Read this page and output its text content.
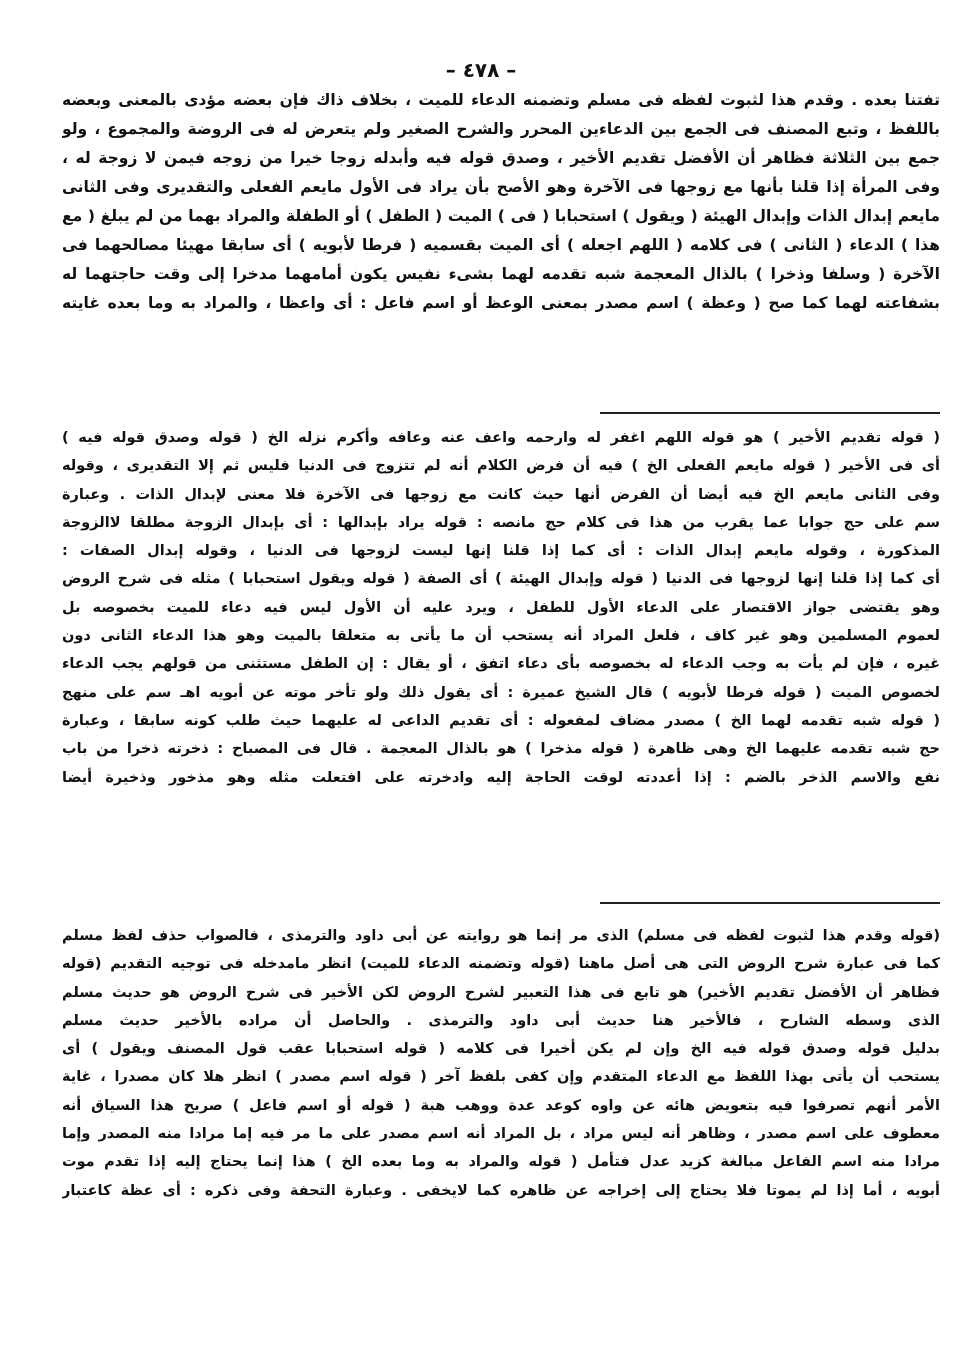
– ٤٧٨ –
تفتنا بعده . وقدم هذا لثبوت لفظه فى مسلم وتضمنه الدعاء للميت ، بخلاف ذاك فإن بعضه مؤدى بالمعنى وبعضه
باللفظ ، وتبع المصنف فى الجمع بين الدعاءين المحرر والشرح الصغير ولم يتعرض له فى الروضة والمجموع ، ولو
جمع بين الثلاثة فظاهر أن الأفضل تقديم الأخير ، وصدق قوله فيه وأبدله زوجا خيرا من زوجه فيمن لا زوجة له ،
وفى المرأة إذا قلنا بأنها مع زوجها فى الآخرة وهو الأصح بأن يراد فى الأول مايعم الفعلى والتقديرى وفى الثانى
مايعم إبدال الذات وإبدال الهيئة ( ويقول ) استحبابا ( فى ) الميت ( الطفل ) أو الطفلة والمراد بهما من لم يبلغ ( مع
هذا ) الدعاء ( الثانى ) فى كلامه ( اللهم اجعله ) أى الميت بقسميه ( فرطا لأبويه ) أى سابقا مهيئا مصالحهما فى
الآخرة ( وسلفا وذخرا ) بالذال المعجمة شبه تقدمه لهما بشىء نفيس يكون أمامهما مدخرا إلى وقت حاجتهما له
بشفاعته لهما كما صح ( وعظة ) اسم مصدر بمعنى الوعظ أو اسم فاعل : أى واعظا ، والمراد به وما بعده غايته
( قوله تقديم الأخير ) هو قوله اللهم اغفر له وارحمه واعف عنه وعافه وأكرم نزله الخ ( قوله وصدق قوله فيه )
أى فى الأخير ( قوله مايعم الفعلى الخ ) فيه أن فرض الكلام أنه لم تتزوج فى الدنيا فليس ثم إلا التقديرى ، وقوله
وفى الثانى مايعم الخ فيه أيضا أن الفرض أنها حيث كانت مع زوجها فى الآخرة فلا معنى لإبدال الذات . وعبارة
سم على حج جوابا عما يقرب من هذا فى كلام حج مانصه : قوله يراد بإبدالها : أى بإبدال الزوجة مطلقا لاالزوجة
المذكورة ، وقوله مايعم إبدال الذات : أى كما إذا قلنا إنها ليست لزوجها فى الدنيا ، وقوله إبدال الصفات :
أى كما إذا قلنا إنها لزوجها فى الدنيا ( قوله وإبدال الهيئة ) أى الصفة ( قوله ويقول استحبابا ) مثله فى شرح الروض
وهو يقتضى جواز الاقتصار على الدعاء الأول للطفل ، ويرد عليه أن الأول ليس فيه دعاء للميت بخصوصه بل
لعموم المسلمين وهو غير كاف ، فلعل المراد أنه يستحب أن ما يأتى به متعلقا بالميت وهو هذا الدعاء الثانى دون
غيره ، فإن لم يأت به وجب الدعاء له بخصوصه بأى دعاء اتفق ، أو يقال : إن الطفل مستثنى من قولهم يجب الدعاء
لخصوص الميت ( قوله فرطا لأبويه ) قال الشيخ عميرة : أى يقول ذلك ولو تأخر موته عن أبويه اهـ سم على منهج
( قوله شبه تقدمه لهما الخ ) مصدر مضاف لمفعوله : أى تقديم الداعى له عليهما حيث طلب كونه سابقا ، وعبارة
حج شبه تقدمه عليهما الخ وهى ظاهرة ( قوله مذخرا ) هو بالذال المعجمة . قال فى المصباح : ذخرته ذخرا من باب
نفع والاسم الذخر بالضم : إذا أعددته لوقت الحاجة إليه وادخرته على افتعلت مثله وهو مذخور وذخيرة أيضا
(قوله وقدم هذا لثبوت لفظه فى مسلم) الذى مر إنما هو روايته عن أبى داود والترمذى ، فالصواب حذف لفظ مسلم
كما فى عبارة شرح الروض التى هى أصل ماهنا (قوله وتضمنه الدعاء للميت) انظر مامدخله فى توجيه التقديم (قوله
فظاهر أن الأفضل تقديم الأخير) هو تابع فى هذا التعبير لشرح الروض لكن الأخير فى شرح الروض هو حديث مسلم
الذى وسطه الشارح ، فالأخير هنا حديث أبى داود والترمذى . والحاصل أن مراده بالأخير حديث مسلم
بدليل قوله وصدق قوله فيه الخ وإن لم يكن أخيرا فى كلامه ( قوله استحبابا عقب قول المصنف ويقول ) أى
يستحب أن يأتى بهذا اللفظ مع الدعاء المتقدم وإن كفى بلفظ آخر ( قوله اسم مصدر ) انظر هلا كان مصدرا ، غاية
الأمر أنهم تصرفوا فيه بتعويض هائه عن واوه كوعد عدة ووهب هبة ( قوله أو اسم فاعل ) صريح هذا السياق أنه
معطوف على اسم مصدر ، وظاهر أنه ليس مراد ، بل المراد أنه اسم مصدر على ما مر فيه إما مرادا منه المصدر وإما
مرادا منه اسم الفاعل مبالغة كزيد عدل فتأمل ( قوله والمراد به وما بعده الخ ) هذا إنما يحتاج إليه إذا تقدم موت
أبويه ، أما إذا لم يموتا فلا يحتاج إلى إخراجه عن ظاهره كما لايخفى . وعبارة التحفة وفى ذكره : أى عظة كاعتبار
